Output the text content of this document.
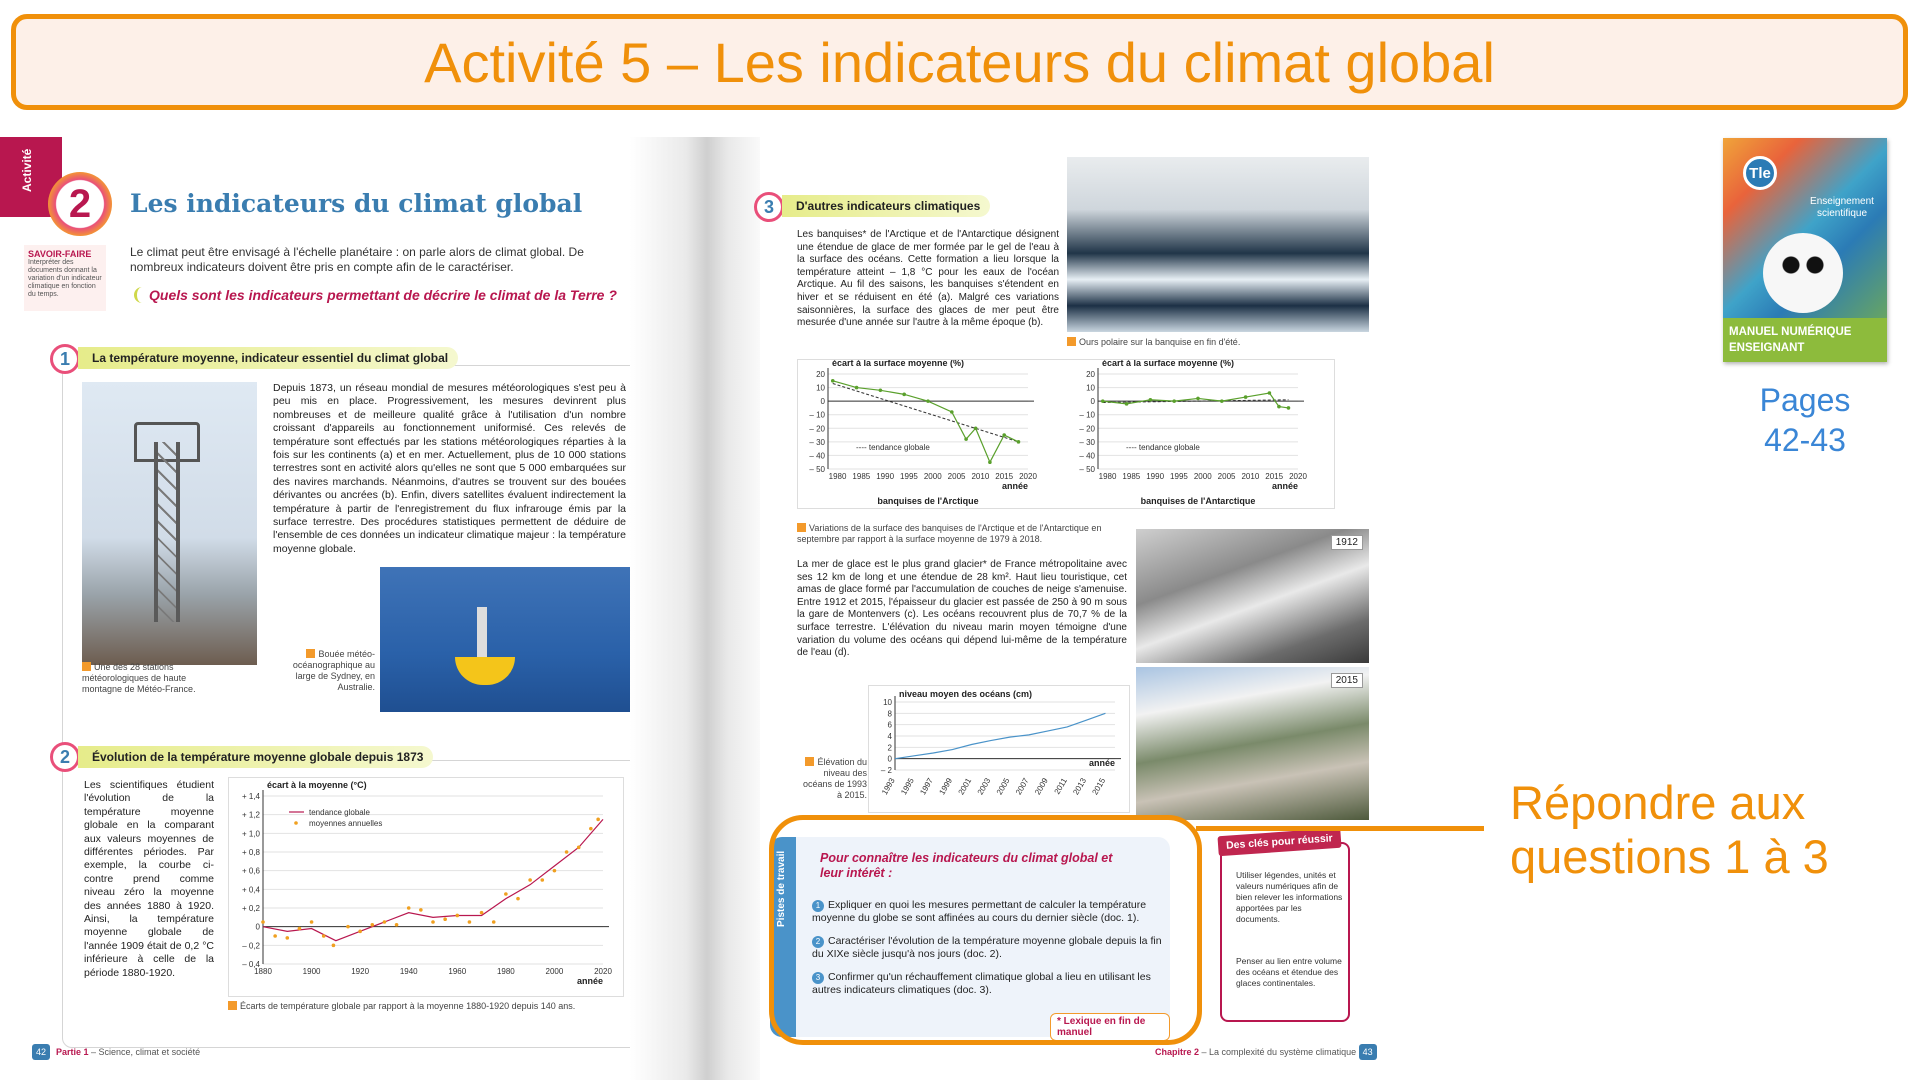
Activité 5 – Les indicateurs du climat global
Activité
2	Les indicateurs du climat global
SAVOIR-FAIRE

Interpréter des documents donnant la variation d'un indicateur climatique en fonction du temps.

Le climat peut être envisagé à l'échelle planétaire : on parle alors de climat global. De nombreux indicateurs doivent être pris en compte afin de le caractériser.
Quels sont les indicateurs permettant de décrire le climat de la Terre ?
1	La température moyenne, indicateur essentiel du climat global
Depuis 1873, un réseau mondial de mesures météorologiques s'est peu à peu mis en place. Progressivement, les mesures devinrent plus nombreuses et de meilleure qualité grâce à l'utilisation d'un nombre croissant d'appareils au fonctionnement uniformisé. Ces relevés de température sont effectués par les stations météorologiques réparties à la fois sur les continents (a) et en mer. Actuellement, plus de 10 000 stations terrestres sont en activité alors qu'elles ne sont que 5 000 embarquées sur des navires marchands. Néanmoins, d'autres se trouvent sur des bouées dérivantes ou ancrées (b). Enfin, divers satellites évaluent indirectement la température à partir de l'enregistrement du flux infrarouge émis par la surface terrestre. Des procédures statistiques permettent de déduire de l'ensemble de ces données un indicateur climatique majeur : la température moyenne globale.
Une des 28 stations météorologiques de haute montagne de Météo-France.
Bouée météo-océanographique au large de Sydney, en Australie.
2	Évolution de la température moyenne globale depuis 1873
Les scientifiques étudient l'évolution de la température moyenne globale en la comparant aux valeurs moyennes de différentes périodes. Par exemple, la courbe ci-contre prend comme niveau zéro la moyenne des années 1880 à 1920. Ainsi, la température moyenne globale de l'année 1909 était de 0,2 °C inférieure à celle de la période 1880-1920.
+ 1,4
+ 1,2
+ 1,0
+ 0,8
+ 0,6
+ 0,4
+ 0,2
0
– 0,2
– 0,4
1880	1900	1920	1940	1960	1980	2000	2020
écart à la moyenne (°C)
année
tendance globale
moyennes annuelles
Écarts de température globale par rapport à la moyenne 1880-1920 depuis 140 ans.
42 Partie 1 – Science, climat et société
3	D'autres indicateurs climatiques
Les banquises* de l'Arctique et de l'Antarctique désignent une étendue de glace de mer formée par le gel de l'eau à la surface des océans. Cette formation a lieu lorsque la température atteint – 1,8 °C pour les eaux de l'océan Arctique. Au fil des saisons, les banquises s'étendent en hiver et se réduisent en été (a). Malgré ces variations saisonnières, la surface des glaces de mer peut être mesurée d'une année sur l'autre à la même époque (b).
Ours polaire sur la banquise en fin d'été.
20
10
0
– 10
– 20
– 30
– 40
– 50
1980 1985 1990 1995 2000 2005 2010 2015 2020
écart à la surface moyenne (%)
année
20
10
0
– 10
– 20
– 30
– 40
– 50
1980 1985 1990 1995 2000 2005 2010 2015 2020
écart à la surface moyenne (%)
année
banquises de l'Arctique	banquises de l'Antarctique
---- tendance globale	---- tendance globale
Variations de la surface des banquises de l'Arctique et de l'Antarctique en septembre par rapport à la surface moyenne de 1979 à 2018.
La mer de glace est le plus grand glacier* de France métropolitaine avec ses 12 km de long et une étendue de 28 km². Haut lieu touristique, cet amas de glace formé par l'accumulation de couches de neige s'amenuise. Entre 1912 et 2015, l'épaisseur du glacier est passée de 250 à 90 m sous la gare de Montenvers (c). Les océans recouvrent plus de 70,7 % de la surface terrestre. L'élévation du niveau marin moyen témoigne d'une variation du volume des océans qui dépend lui-même de la température de l'eau (d).
1912
2015
Élévation du niveau des océans de 1993 à 2015.
10
8
6
4
2
0
– 2
1993 1995 1997 1999 2001 2003 2005 2007 2009 2011 2013 2015
année
niveau moyen des océans (cm)
Pistes de travail	Pour connaître les indicateurs du climat global et leur intérêt :
1 Expliquer en quoi les mesures permettant de calculer la température moyenne du globe se sont affinées au cours du dernier siècle (doc. 1).
2 Caractériser l'évolution de la température moyenne globale depuis la fin du XIXe siècle jusqu'à nos jours (doc. 2).
3 Confirmer qu'un réchauffement climatique global a lieu en utilisant les autres indicateurs climatiques (doc. 3).
* Lexique en fin de manuel
Des clés pour réussir
Utiliser légendes, unités et valeurs numériques afin de bien relever les informations apportées par les documents.
Penser au lien entre volume des océans et étendue des glaces continentales.
Chapitre 2 – La complexité du système climatique 43
Répondre aux questions 1 à 3
Tle
Enseignement scientifique
MANUEL NUMÉRIQUE ENSEIGNANT
Pages
42-43
